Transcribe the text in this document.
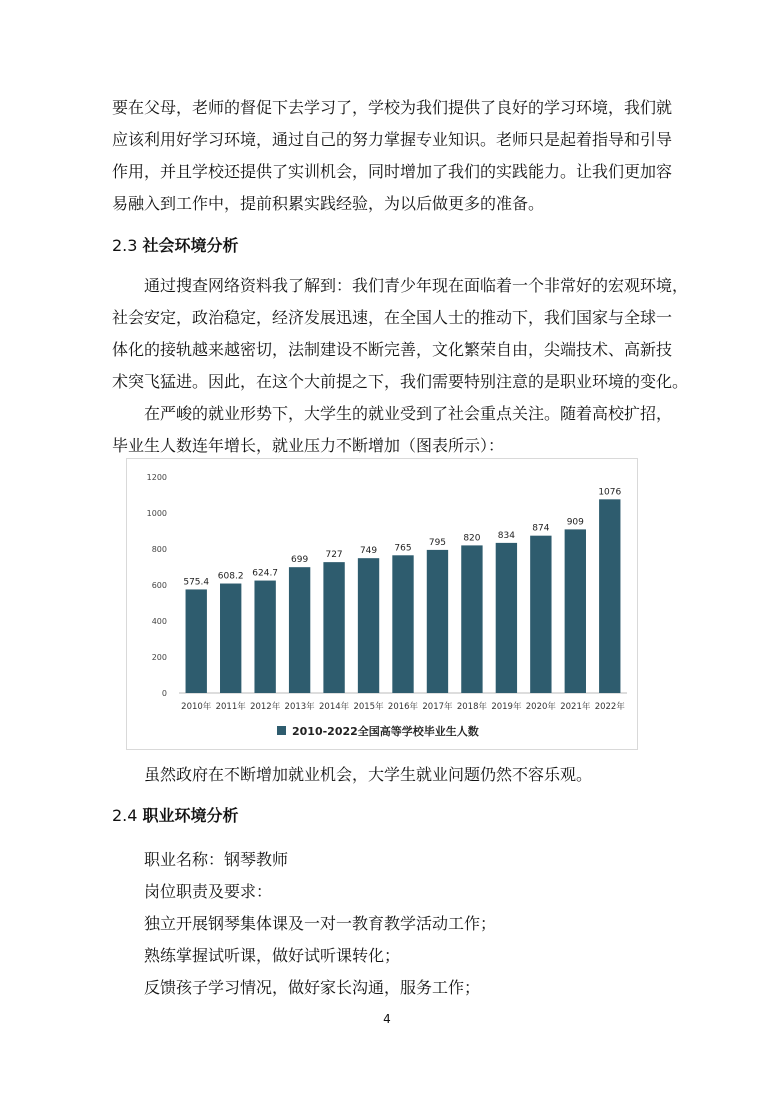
要在父母，老师的督促下去学习了，学校为我们提供了良好的学习环境，我们就
应该利用好学习环境，通过自己的努力掌握专业知识。老师只是起着指导和引导
作用，并且学校还提供了实训机会，同时增加了我们的实践能力。让我们更加容
易融入到工作中，提前积累实践经验，为以后做更多的准备。
2.3 社会环境分析
通过搜查网络资料我了解到：我们青少年现在面临着一个非常好的宏观环境，
社会安定，政治稳定，经济发展迅速，在全国人士的推动下，我们国家与全球一
体化的接轨越来越密切，法制建设不断完善，文化繁荣自由，尖端技术、高新技
术突飞猛进。因此，在这个大前提之下，我们需要特别注意的是职业环境的变化。
在严峻的就业形势下，大学生的就业受到了社会重点关注。随着高校扩招，
毕业生人数连年增长，就业压力不断增加（图表所示）：
0
200
400
600
800
1000
1200
575.4
2010年
608.2
2011年
624.7
2012年
699
2013年
727
2014年
749
2015年
765
2016年
795
2017年
820
2018年
834
2019年
874
2020年
909
2021年
1076
2022年
2010-2022全国高等学校毕业生人数

虽然政府在不断增加就业机会，大学生就业问题仍然不容乐观。

2.4 职业环境分析

职业名称：钢琴教师

岗位职责及要求：

独立开展钢琴集体课及一对一教育教学活动工作；

熟练掌握试听课，做好试听课转化；

反馈孩子学习情况，做好家长沟通，服务工作；

4
